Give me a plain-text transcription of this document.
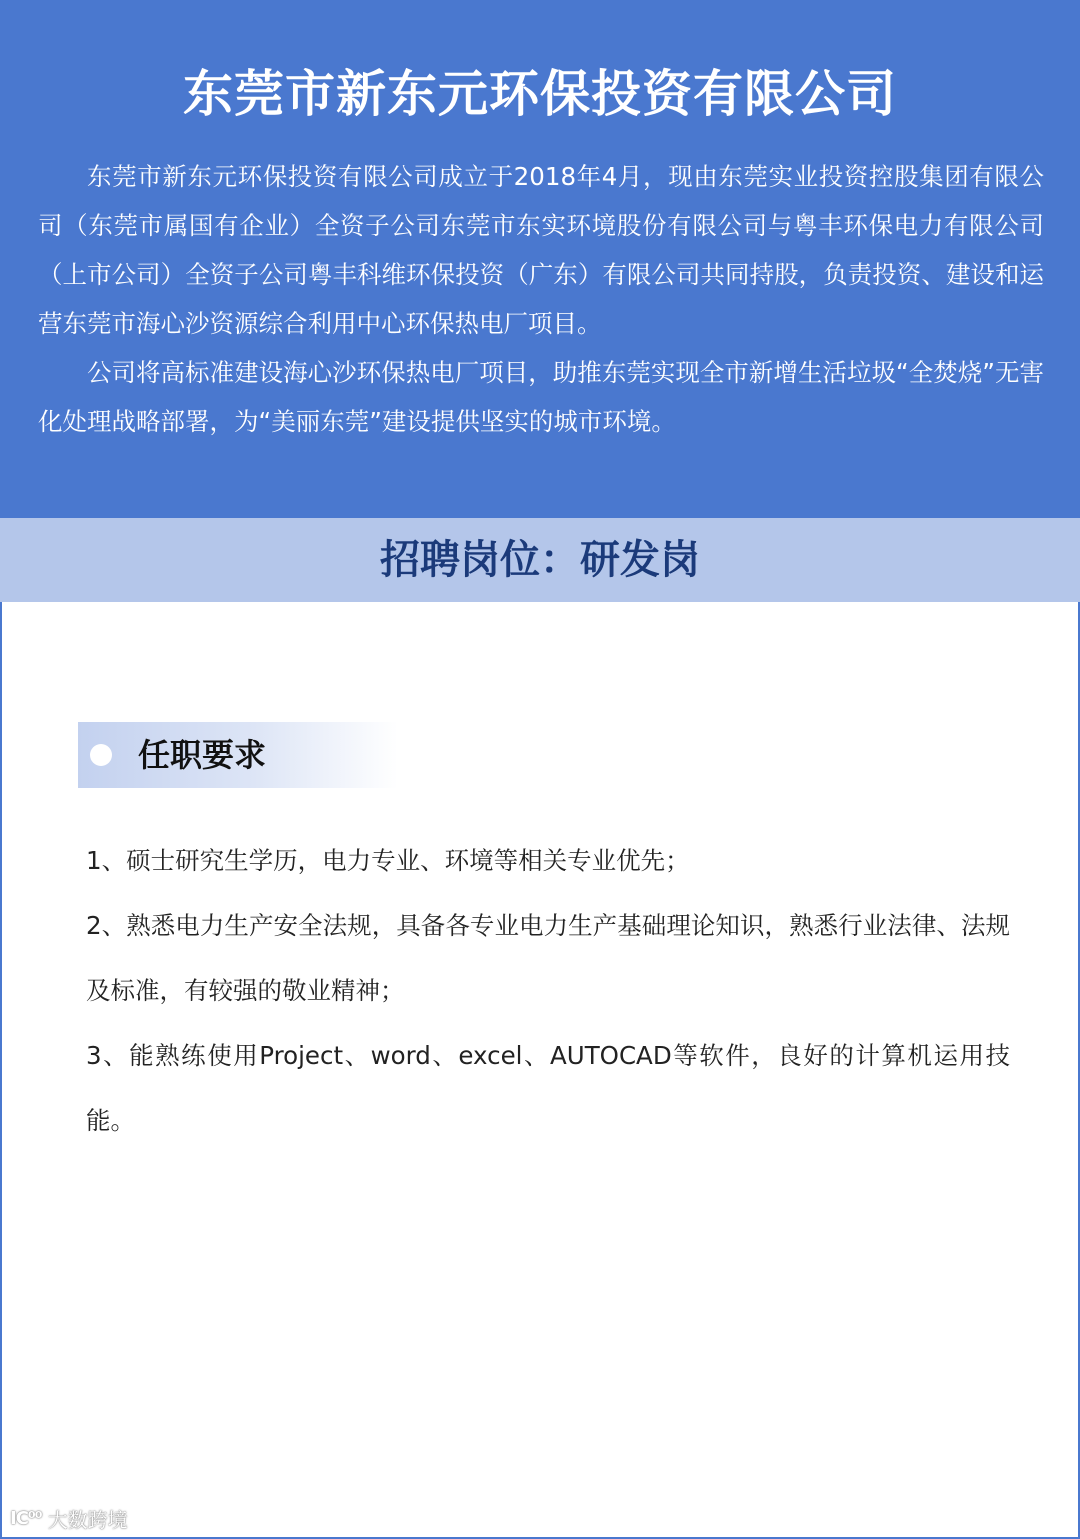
东莞市新东元环保投资有限公司

东莞市新东元环保投资有限公司成立于2018年4月，现由东莞实业投资控股集团有限公司（东莞市属国有企业）全资子公司东莞市东实环境股份有限公司与粤丰环保电力有限公司（上市公司）全资子公司粤丰科维环保投资（广东）有限公司共同持股，负责投资、建设和运营东莞市海心沙资源综合利用中心环保热电厂项目。

公司将高标准建设海心沙环保热电厂项目，助推东莞实现全市新增生活垃圾“全焚烧”无害化处理战略部署，为“美丽东莞”建设提供坚实的城市环境。

招聘岗位：研发岗
任职要求

1、硕士研究生学历，电力专业、环境等相关专业优先；

2、熟悉电力生产安全法规，具备各专业电力生产基础理论知识，熟悉行业法律、法规及标准，有较强的敬业精神；

3、能熟练使用Project、word、excel、AUTOCAD等软件，良好的计算机运用技能。

IC⁰⁰ 大数跨境
